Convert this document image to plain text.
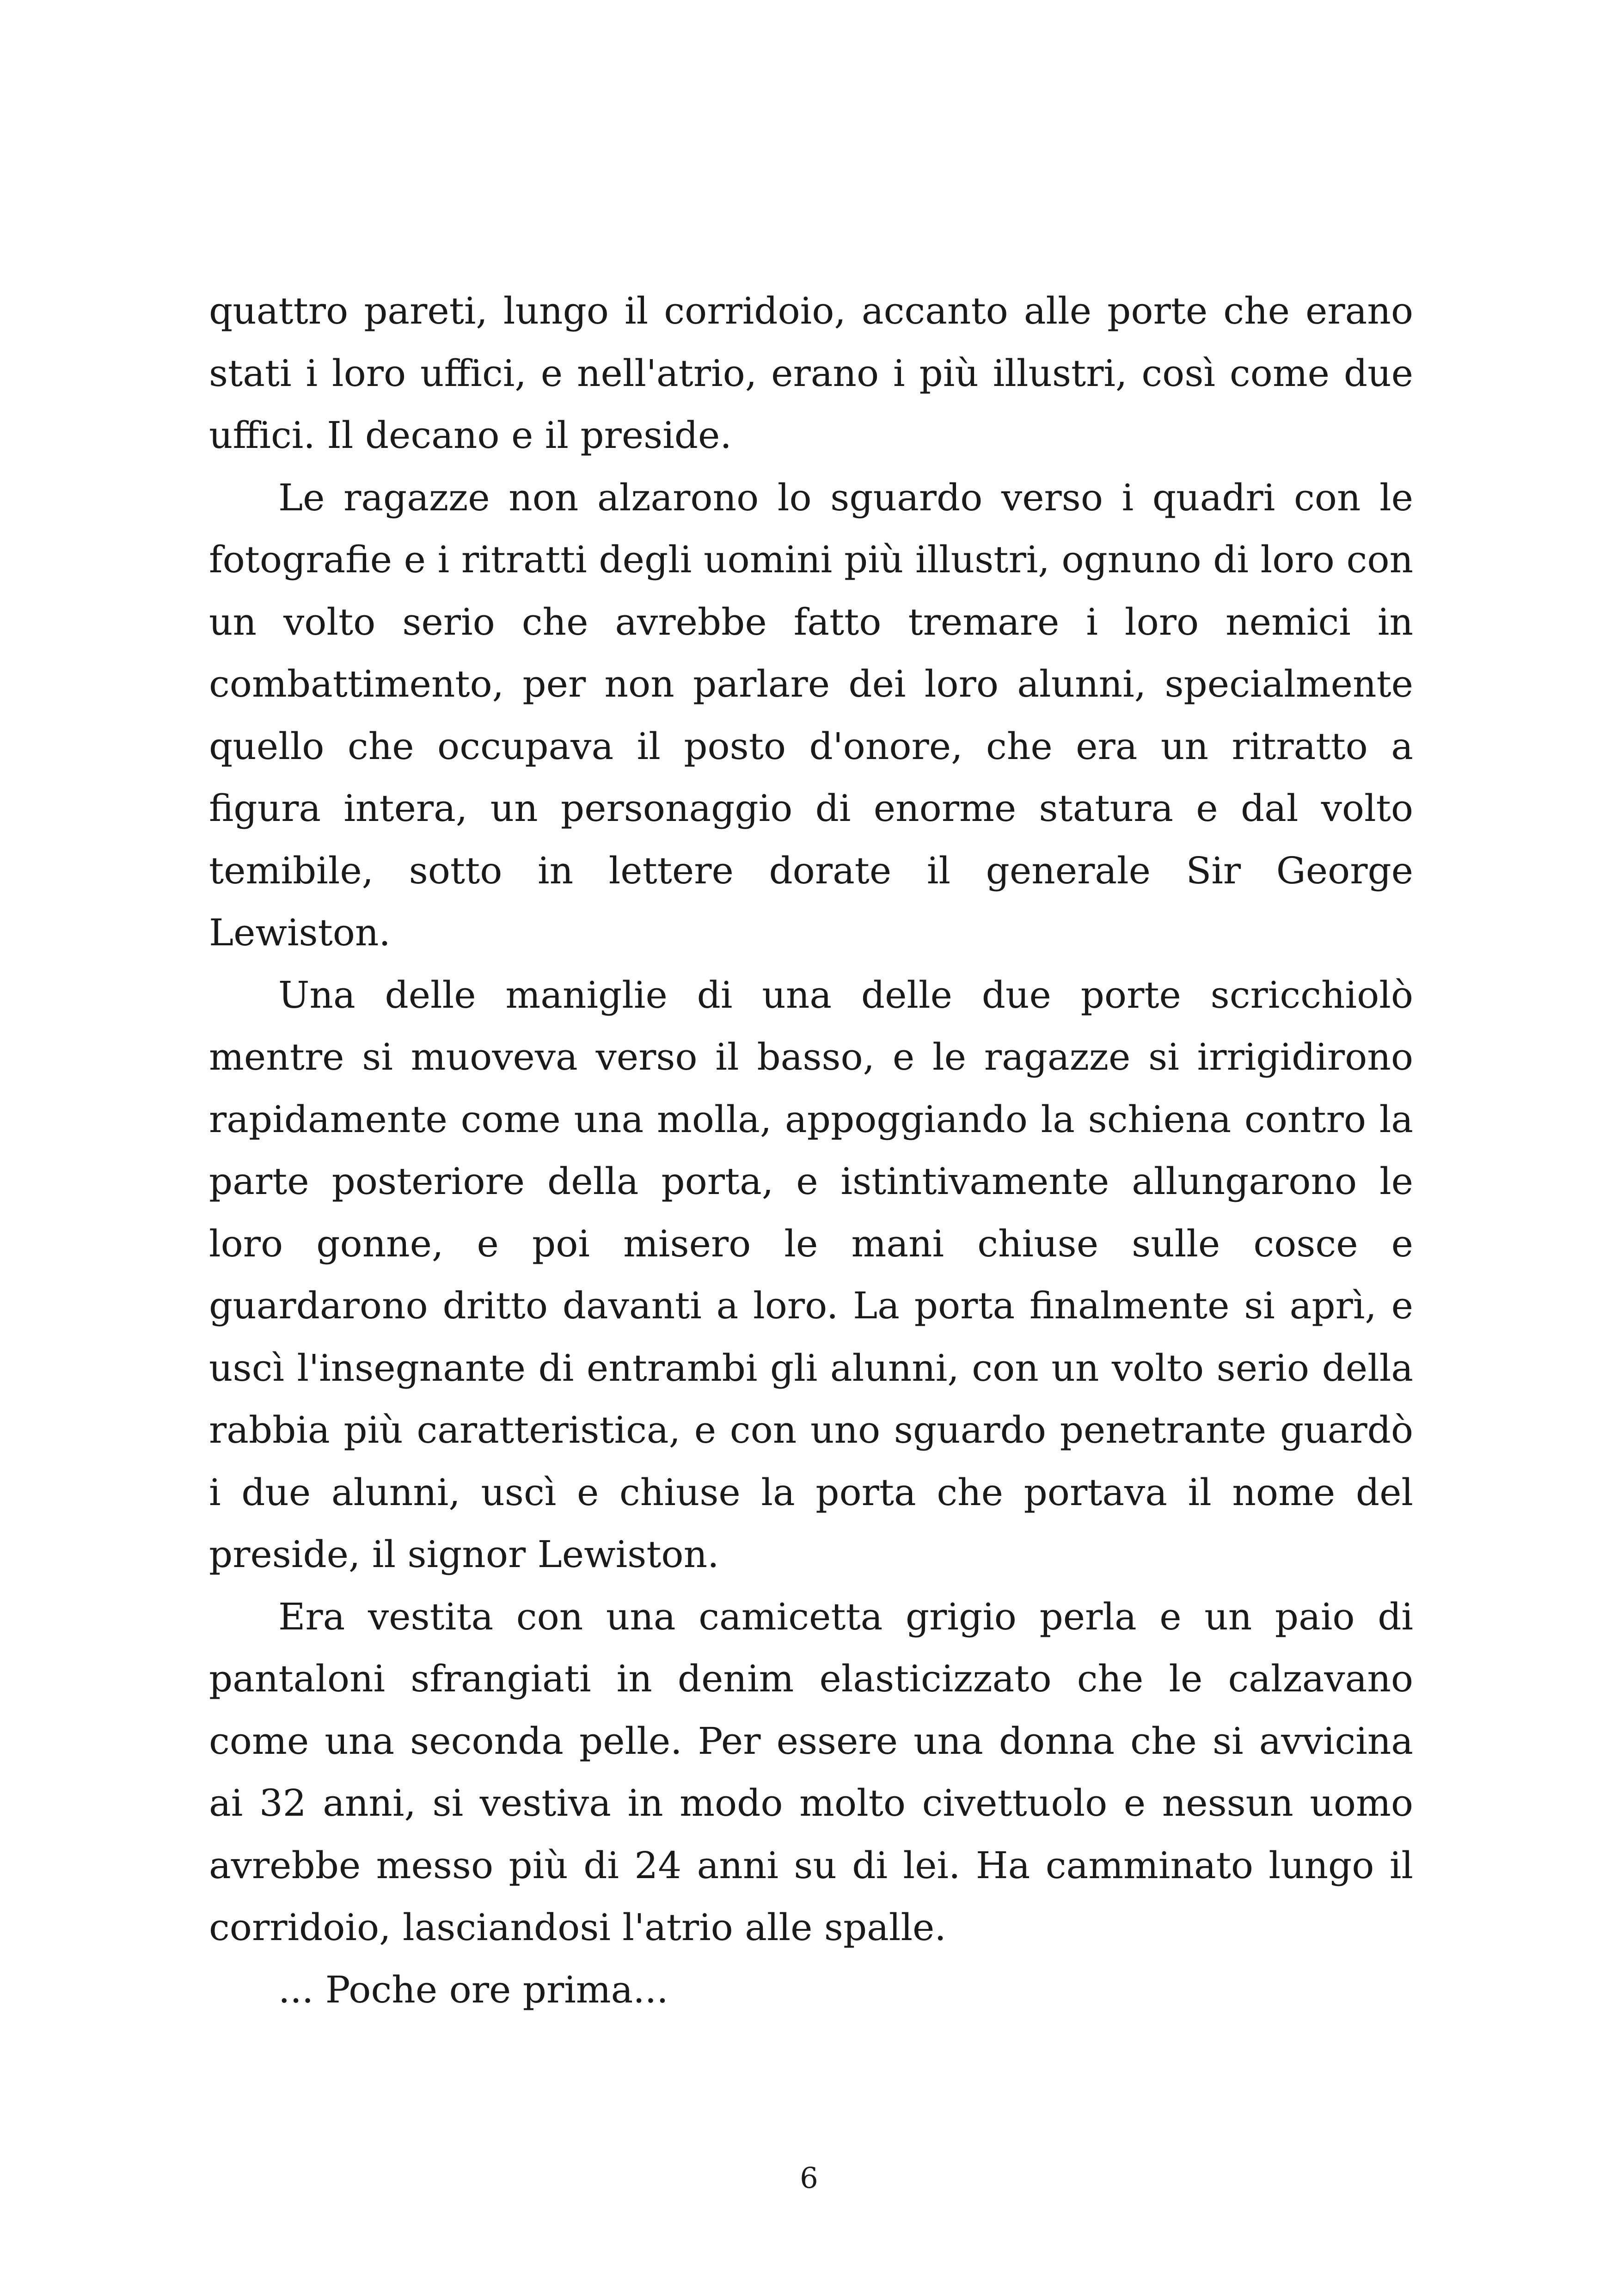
quattro pareti, lungo il corridoio, accanto alle porte che erano stati i loro uffici, e nell'atrio, erano i più illustri, così come due uffici. Il decano e il preside.

Le ragazze non alzarono lo sguardo verso i quadri con le fotografie e i ritratti degli uomini più illustri, ognuno di loro con un volto serio che avrebbe fatto tremare i loro nemici in combattimento, per non parlare dei loro alunni, specialmente quello che occupava il posto d'onore, che era un ritratto a figura intera, un personaggio di enorme statura e dal volto temibile, sotto in lettere dorate il generale Sir George Lewiston.

Una delle maniglie di una delle due porte scricchiolò mentre si muoveva verso il basso, e le ragazze si irrigidirono rapidamente come una molla, appoggiando la schiena contro la parte posteriore della porta, e istintivamente allungarono le loro gonne, e poi misero le mani chiuse sulle cosce e guardarono dritto davanti a loro. La porta finalmente si aprì, e uscì l'insegnante di entrambi gli alunni, con un volto serio della rabbia più caratteristica, e con uno sguardo penetrante guardò i due alunni, uscì e chiuse la porta che portava il nome del preside, il signor Lewiston.

Era vestita con una camicetta grigio perla e un paio di pantaloni sfrangiati in denim elasticizzato che le calzavano come una seconda pelle. Per essere una donna che si avvicina ai 32 anni, si vestiva in modo molto civettuolo e nessun uomo avrebbe messo più di 24 anni su di lei. Ha camminato lungo il corridoio, lasciandosi l'atrio alle spalle.

... Poche ore prima...

6
